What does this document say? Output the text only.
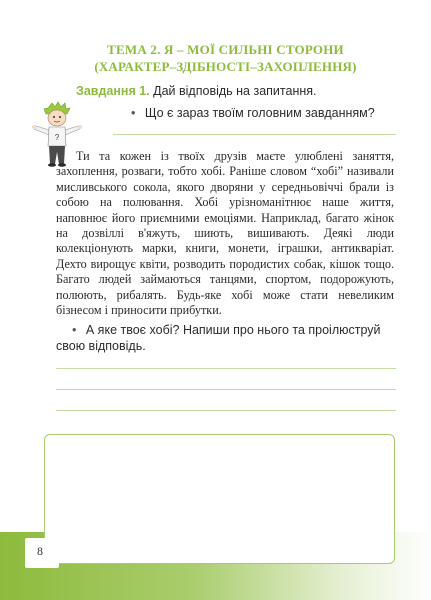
ТЕМА 2. Я – МОЇ СИЛЬНІ СТОРОНИ
(ХАРАКТЕР–ЗДІБНОСТІ–ЗАХОПЛЕННЯ)
Завдання 1. Дай відповідь на запитання.
?
• Що є зараз твоїм головним завданням?

Ти та кожен із твоїх друзів маєте улюблені заняття, захоплення, розваги, тобто хобі. Раніше словом “хобі” називали мисливського сокола, якого дворяни у середньовіччі брали із собою на полювання. Хобі урізноманітнює наше життя, наповнює його приємними емоціями. Наприклад, багато жінок на дозвіллі в'яжуть, шиють, вишивають. Деякі люди колекціонують марки, книги, монети, іграшки, антикваріат. Дехто вирощує квіти, розводить породистих собак, кішок тощо. Багато людей займаються танцями, спортом, подорожують, полюють, рибалять. Будь-яке хобі може стати невеликим бізнесом і приносити прибутки.

• А яке твоє хобі? Напиши про нього та проілюструй свою відповідь.
8
